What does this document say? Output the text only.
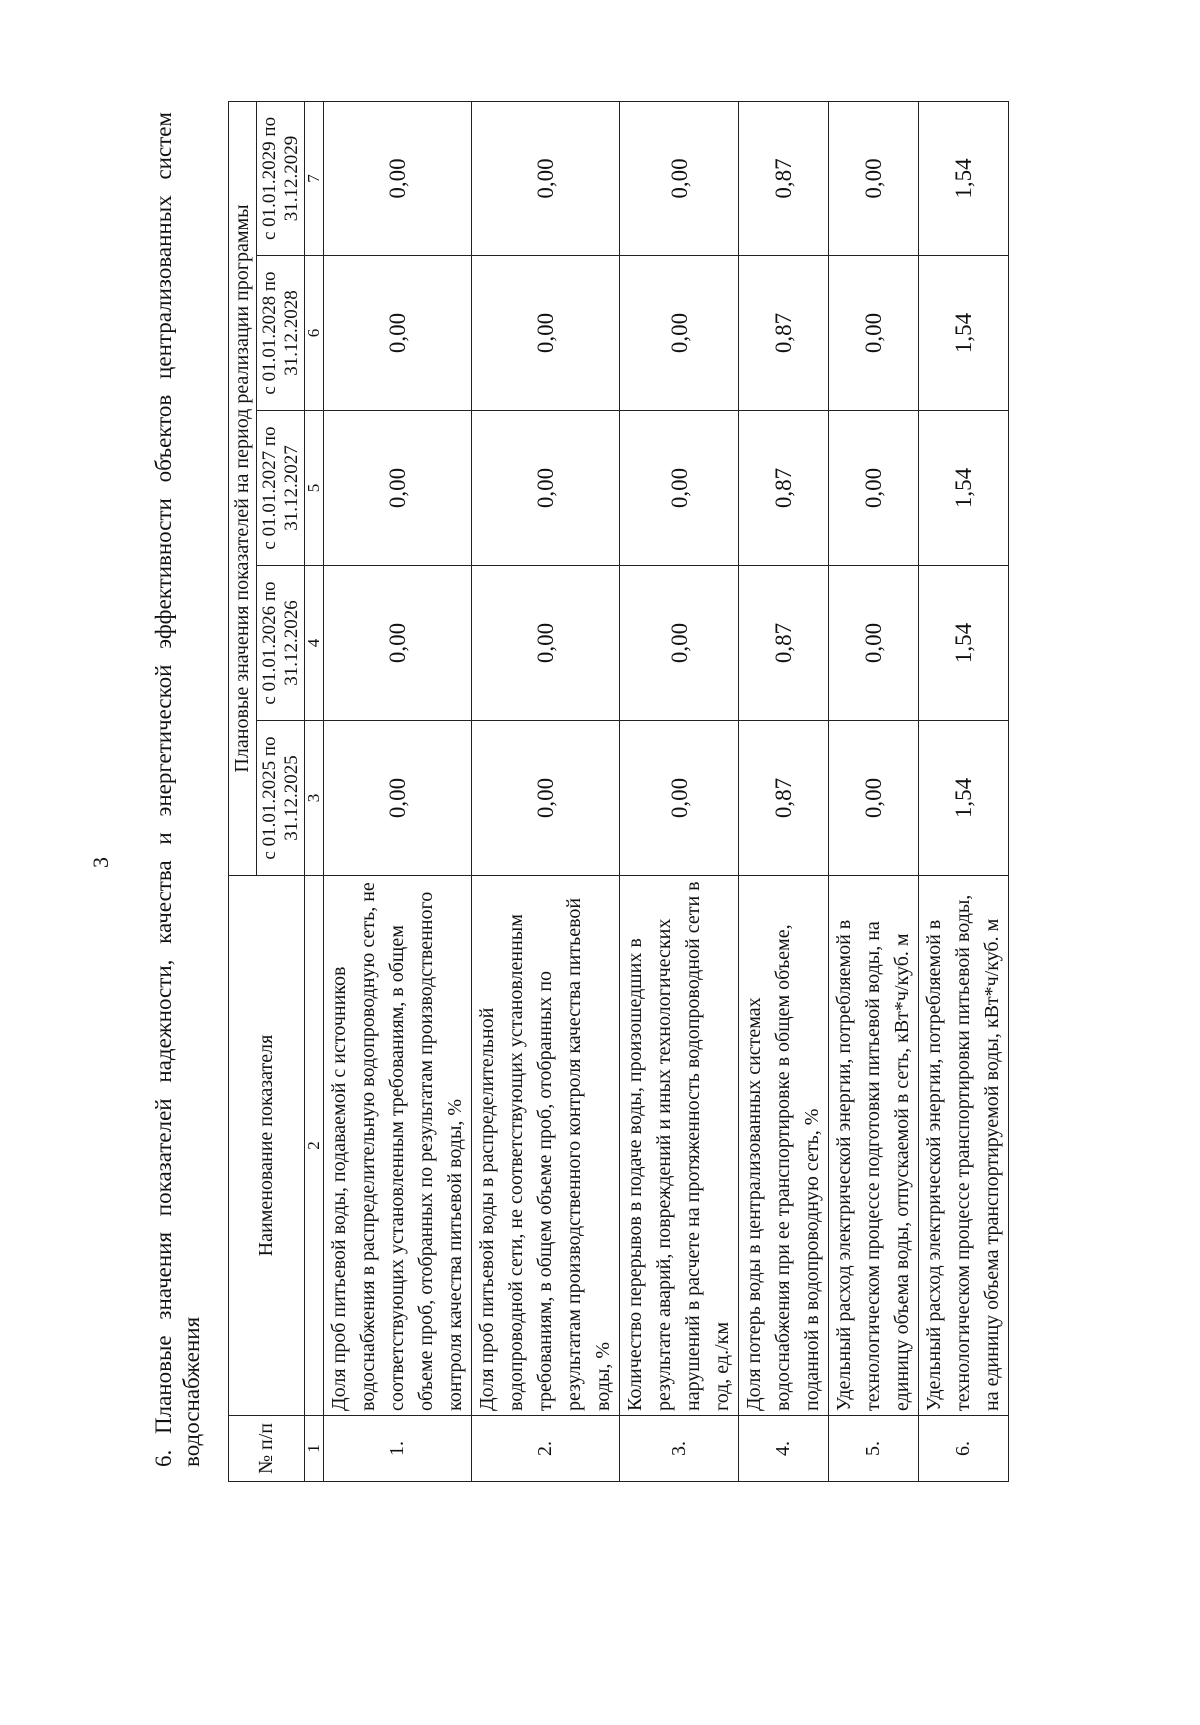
3 6. Плановые значения показателей надежности, качества и энергетической эффективности объектов централизованных систем водоснабжения	№ п/п	Наименование показателя	Плановые значения показателей на период реализации программы				
		с 01.01.2025 по 31.12.2025	с 01.01.2026 по 31.12.2026	с 01.01.2027 по 31.12.2027	с 01.01.2028 по 31.12.2028	с 01.01.2029 по 31.12.2029
1	2	3	4	5	6	7
1.	Доля проб питьевой воды, подаваемой с источников водоснабжения в распределительную водопроводную сеть, не соответствующих установленным требованиям, в общем объеме проб, отобранных по результатам производственного контроля качества питьевой воды, %	0,00	0,00	0,00	0,00	0,00
2.	Доля проб питьевой воды в распределительной водопроводной сети, не соответствующих установленным требованиям, в общем объеме проб, отобранных по результатам производственного контроля качества питьевой воды, %	0,00	0,00	0,00	0,00	0,00
3.	Количество перерывов в подаче воды, произошедших в результате аварий, повреждений и иных технологических нарушений в расчете на протяженность водопроводной сети в год, ед./км	0,00	0,00	0,00	0,00	0,00
4.	Доля потерь воды в централизованных системах водоснабжения при ее транспортировке в общем объеме, поданной в водопроводную сеть, %	0,87	0,87	0,87	0,87	0,87
5.	Удельный расход электрической энергии, потребляемой в технологическом процессе подготовки питьевой воды, на единицу объема воды, отпускаемой в сеть, кВт*ч/куб. м	0,00	0,00	0,00	0,00	0,00
6.	Удельный расход электрической энергии, потребляемой в технологическом процессе транспортировки питьевой воды, на единицу объема транспортируемой воды, кВт*ч/куб. м	1,54	1,54	1,54	1,54	1,54
